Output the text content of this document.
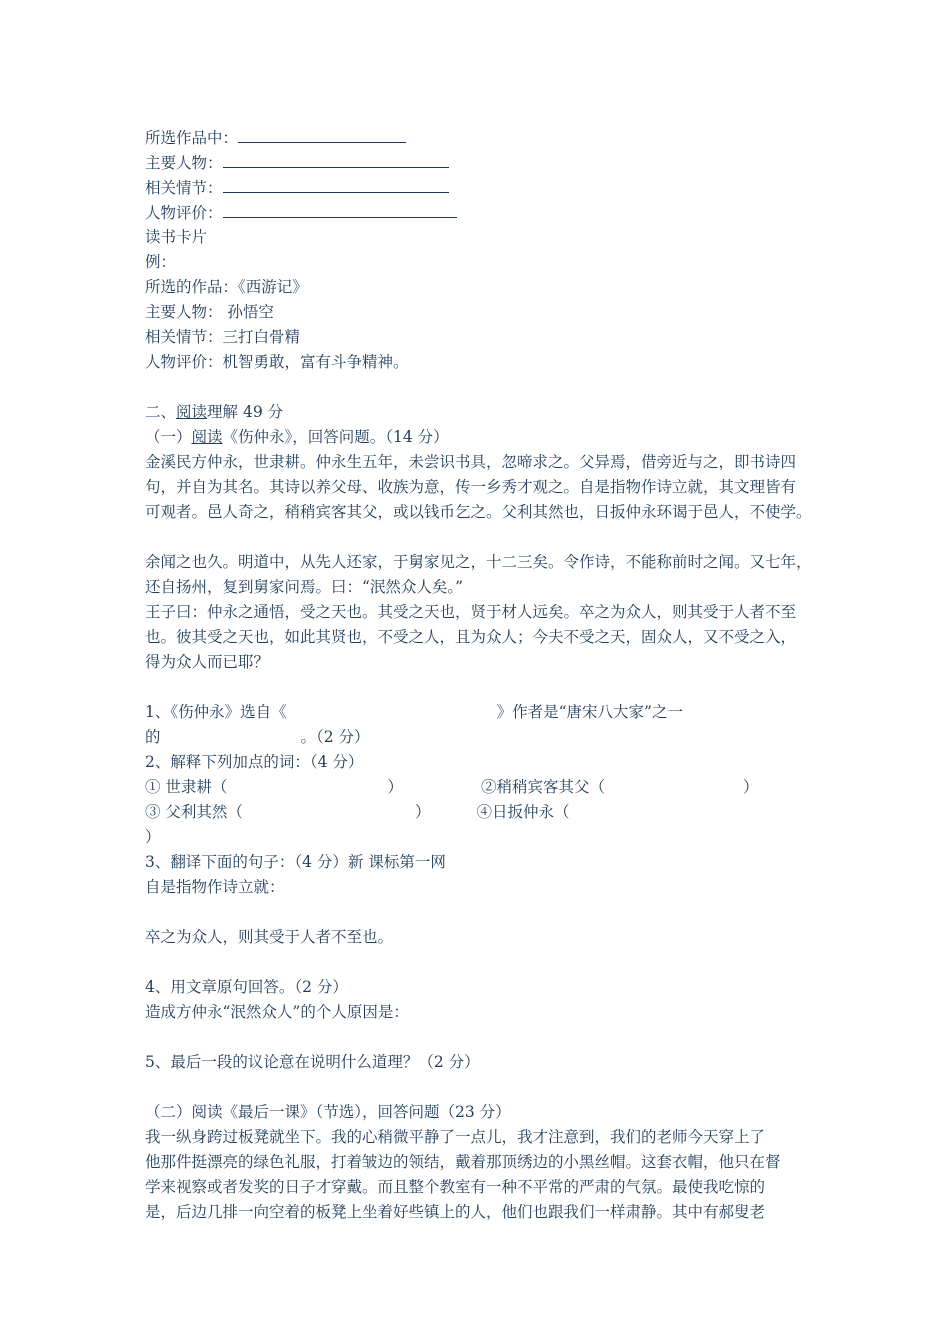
所选作品中：
主要人物：
相关情节：
人物评价：
读书卡片
例：
所选的作品：《西游记》
主要人物： 孙悟空
相关情节：三打白骨精
人物评价：机智勇敢，富有斗争精神。
二、阅读理解 49 分
（一）阅读《伤仲永》，回答问题。（14 分）
金溪民方仲永，世隶耕。仲永生五年，未尝识书具，忽啼求之。父异焉，借旁近与之，即书诗四
句，并自为其名。其诗以养父母、收族为意，传一乡秀才观之。自是指物作诗立就，其文理皆有
可观者。邑人奇之，稍稍宾客其父，或以钱币乞之。父利其然也，日扳仲永环谒于邑人，不使学。
余闻之也久。明道中，从先人还家，于舅家见之，十二三矣。令作诗，不能称前时之闻。又七年，
还自扬州，复到舅家问焉。曰：“泯然众人矣。”
王子曰：仲永之通悟，受之天也。其受之天也，贤于材人远矣。卒之为众人，则其受于人者不至
也。彼其受之天也，如此其贤也，不受之人，且为众人；今夫不受之天，固众人，又不受之入，
得为众人而已耶？
1、《伤仲永》选自《	》作者是“唐宋八大家”之一
的	。（2 分）
2、解释下列加点的词：（4 分）
① 世隶耕（	）	②稍稍宾客其父（	）
③ 父利其然（	）	④日扳仲永（
）
3、翻译下面的句子：（4 分）新 课标第一网
自是指物作诗立就：
卒之为众人，则其受于人者不至也。
4、用文章原句回答。（2 分）
造成方仲永“泯然众人”的个人原因是：
5、最后一段的议论意在说明什么道理？（2 分）
（二）阅读《最后一课》（节选），回答问题（23 分）
我一纵身跨过板凳就坐下。我的心稍微平静了一点儿，我才注意到，我们的老师今天穿上了
他那件挺漂亮的绿色礼服，打着皱边的领结，戴着那顶绣边的小黑丝帽。这套衣帽，他只在督
学来视察或者发奖的日子才穿戴。而且整个教室有一种不平常的严肃的气氛。最使我吃惊的
是，后边几排一向空着的板凳上坐着好些镇上的人，他们也跟我们一样肃静。其中有郝叟老
